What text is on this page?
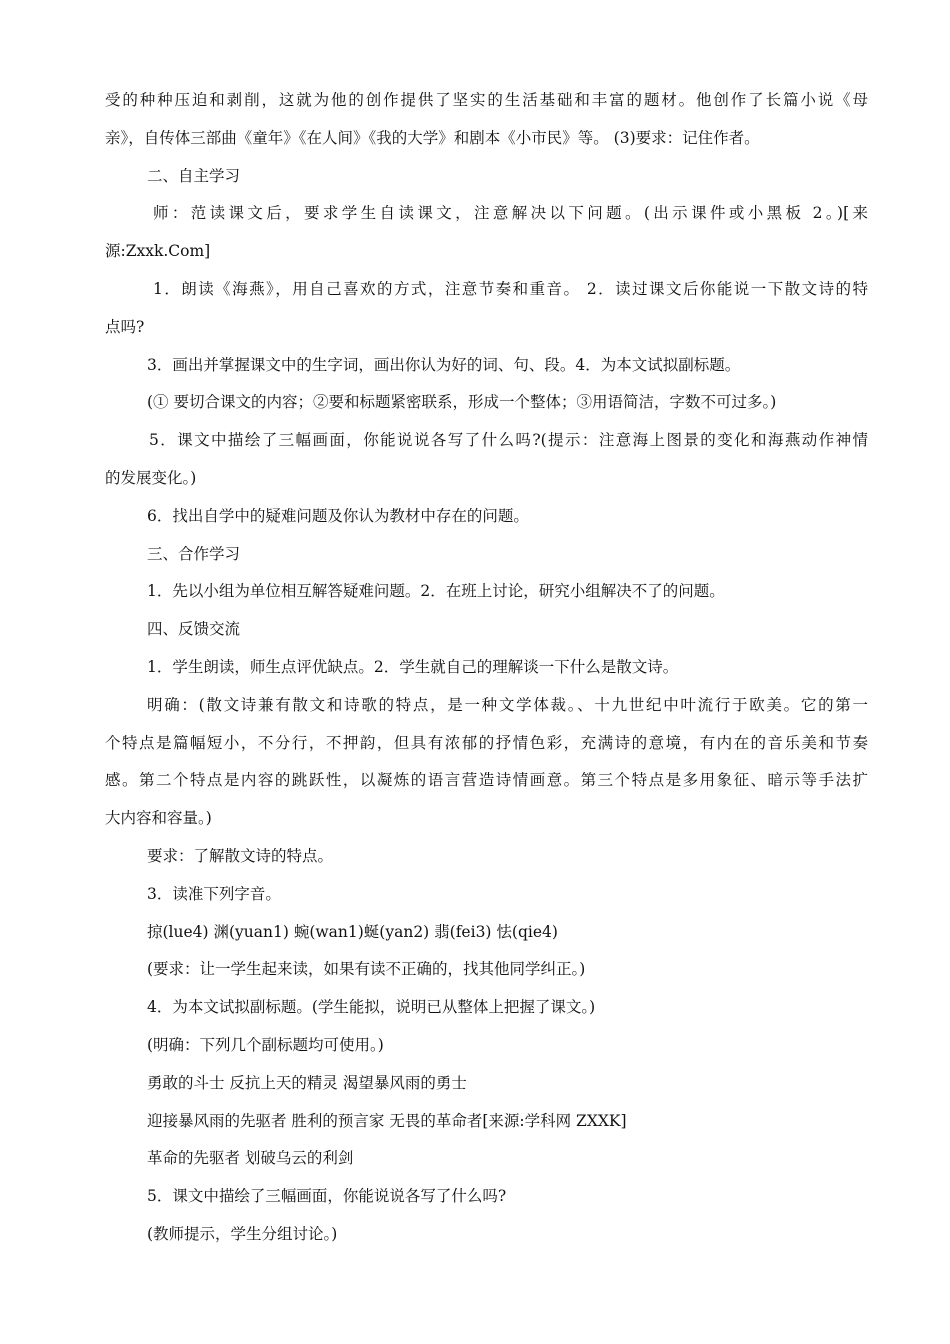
受的种种压迫和剥削，这就为他的创作提供了坚实的生活基础和丰富的题材。他创作了长篇小说《母
亲》，自传体三部曲《童年》《在人间》《我的大学》和剧本《小市民》等。 (3)要求：记住作者。
二、自主学习
师：范读课文后，要求学生自读课文，注意解决以下问题。(出示课件或小黑板 2。)[来
源:Zxxk.Com]
1．朗读《海燕》，用自己喜欢的方式，注意节奏和重音。 2．读过课文后你能说一下散文诗的特
点吗?
3．画出并掌握课文中的生字词，画出你认为好的词、句、段。4．为本文试拟副标题。
(① 要切合课文的内容；②要和标题紧密联系，形成一个整体；③用语简洁，字数不可过多。)
5．课文中描绘了三幅画面，你能说说各写了什么吗?(提示：注意海上图景的变化和海燕动作神情
的发展变化。)
6．找出自学中的疑难问题及你认为教材中存在的问题。
三、合作学习
1．先以小组为单位相互解答疑难问题。2．在班上讨论，研究小组解决不了的问题。
四、反馈交流
1．学生朗读，师生点评优缺点。2．学生就自己的理解谈一下什么是散文诗。
明确：(散文诗兼有散文和诗歌的特点，是一种文学体裁。、十九世纪中叶流行于欧美。它的第一
个特点是篇幅短小，不分行，不押韵，但具有浓郁的抒情色彩，充满诗的意境，有内在的音乐美和节奏
感。第二个特点是内容的跳跃性，以凝炼的语言营造诗情画意。第三个特点是多用象征、暗示等手法扩
大内容和容量。)
要求：了解散文诗的特点。
3．读准下列字音。
掠(lue4) 渊(yuan1) 蜿(wan1)蜒(yan2) 翡(fei3) 怯(qie4)
(要求：让一学生起来读，如果有读不正确的，找其他同学纠正。)
4．为本文试拟副标题。(学生能拟，说明已从整体上把握了课文。)
(明确：下列几个副标题均可使用。)
勇敢的斗士 反抗上天的精灵 渴望暴风雨的勇士
迎接暴风雨的先驱者 胜利的预言家 无畏的革命者[来源:学科网 ZXXK]
革命的先驱者 划破乌云的利剑
5．课文中描绘了三幅画面，你能说说各写了什么吗?
(教师提示，学生分组讨论。)
